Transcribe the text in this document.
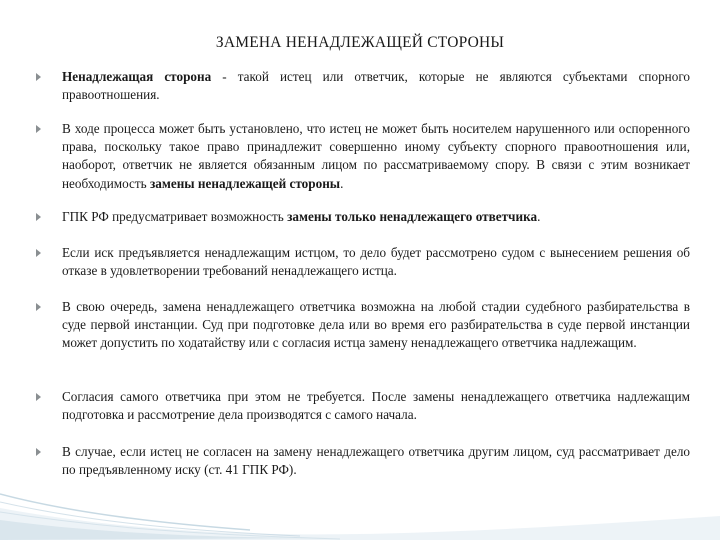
ЗАМЕНА НЕНАДЛЕЖАЩЕЙ СТОРОНЫ
Ненадлежащая сторона - такой истец или ответчик, которые не являются субъектами спорного правоотношения.
В ходе процесса может быть установлено, что истец не может быть носителем нарушенного или оспоренного права, поскольку такое право принадлежит совершенно иному субъекту спорного правоотношения или, наоборот, ответчик не является обязанным лицом по рассматриваемому спору. В связи с этим возникает необходимость замены ненадлежащей стороны.
ГПК РФ предусматривает возможность замены только ненадлежащего ответчика.
Если иск предъявляется ненадлежащим истцом, то дело будет рассмотрено судом с вынесением решения об отказе в удовлетворении требований ненадлежащего истца.
В свою очередь, замена ненадлежащего ответчика возможна на любой стадии судебного разбирательства в суде первой инстанции. Суд при подготовке дела или во время его разбирательства в суде первой инстанции может допустить по ходатайству или с согласия истца замену ненадлежащего ответчика надлежащим.
Согласия самого ответчика при этом не требуется. После замены ненадлежащего ответчика надлежащим подготовка и рассмотрение дела производятся с самого начала.
В случае, если истец не согласен на замену ненадлежащего ответчика другим лицом, суд рассматривает дело по предъявленному иску (ст. 41 ГПК РФ).
